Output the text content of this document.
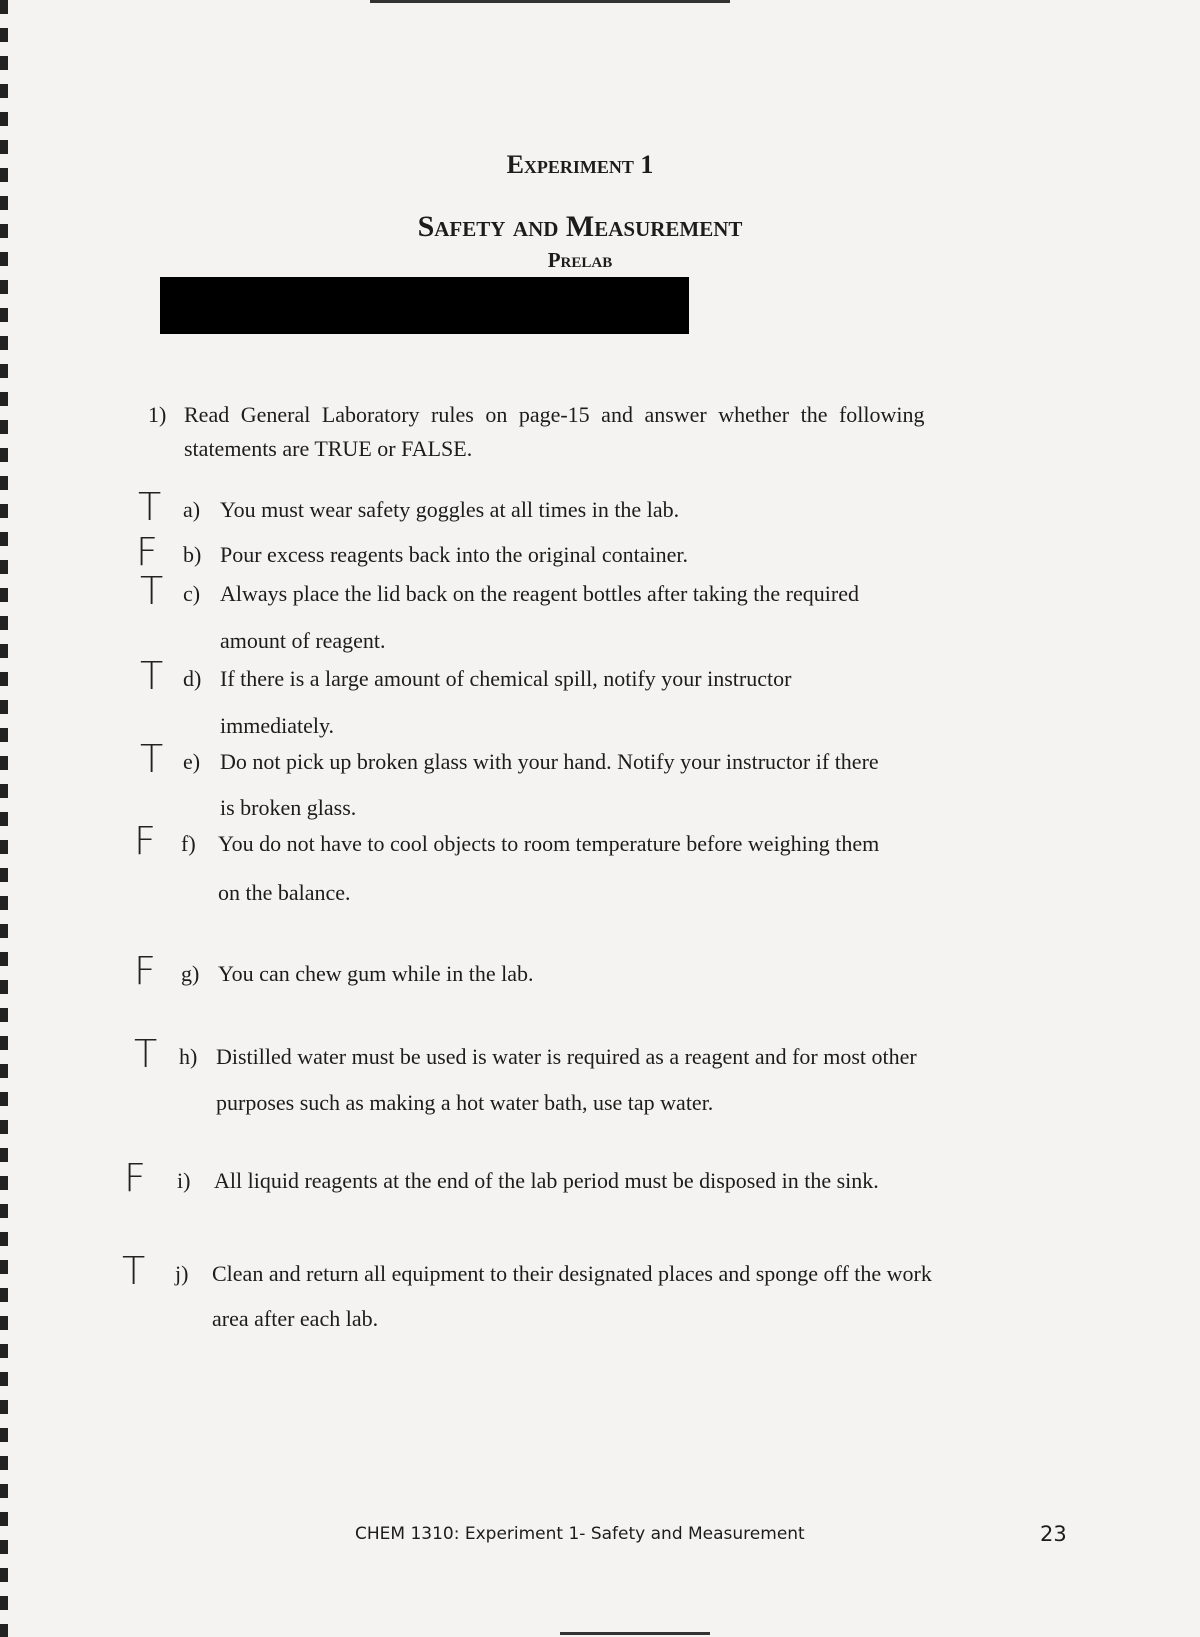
Experiment 1
Safety and Measurement
Prelab
1) Read General Laboratory rules on page-15 and answer whether the following
statements are TRUE or FALSE.
T a) You must wear safety goggles at all times in the lab.
F b) Pour excess reagents back into the original container.
T c) Always place the lid back on the reagent bottles after taking the required
amount of reagent.
T d) If there is a large amount of chemical spill, notify your instructor
immediately.
T e) Do not pick up broken glass with your hand. Notify your instructor if there
is broken glass.
F f) You do not have to cool objects to room temperature before weighing them
on the balance.
F g) You can chew gum while in the lab.
T h) Distilled water must be used is water is required as a reagent and for most other
purposes such as making a hot water bath, use tap water.
F i) All liquid reagents at the end of the lab period must be disposed in the sink.
T j) Clean and return all equipment to their designated places and sponge off the work
area after each lab.
CHEM 1310: Experiment 1- Safety and Measurement	23
